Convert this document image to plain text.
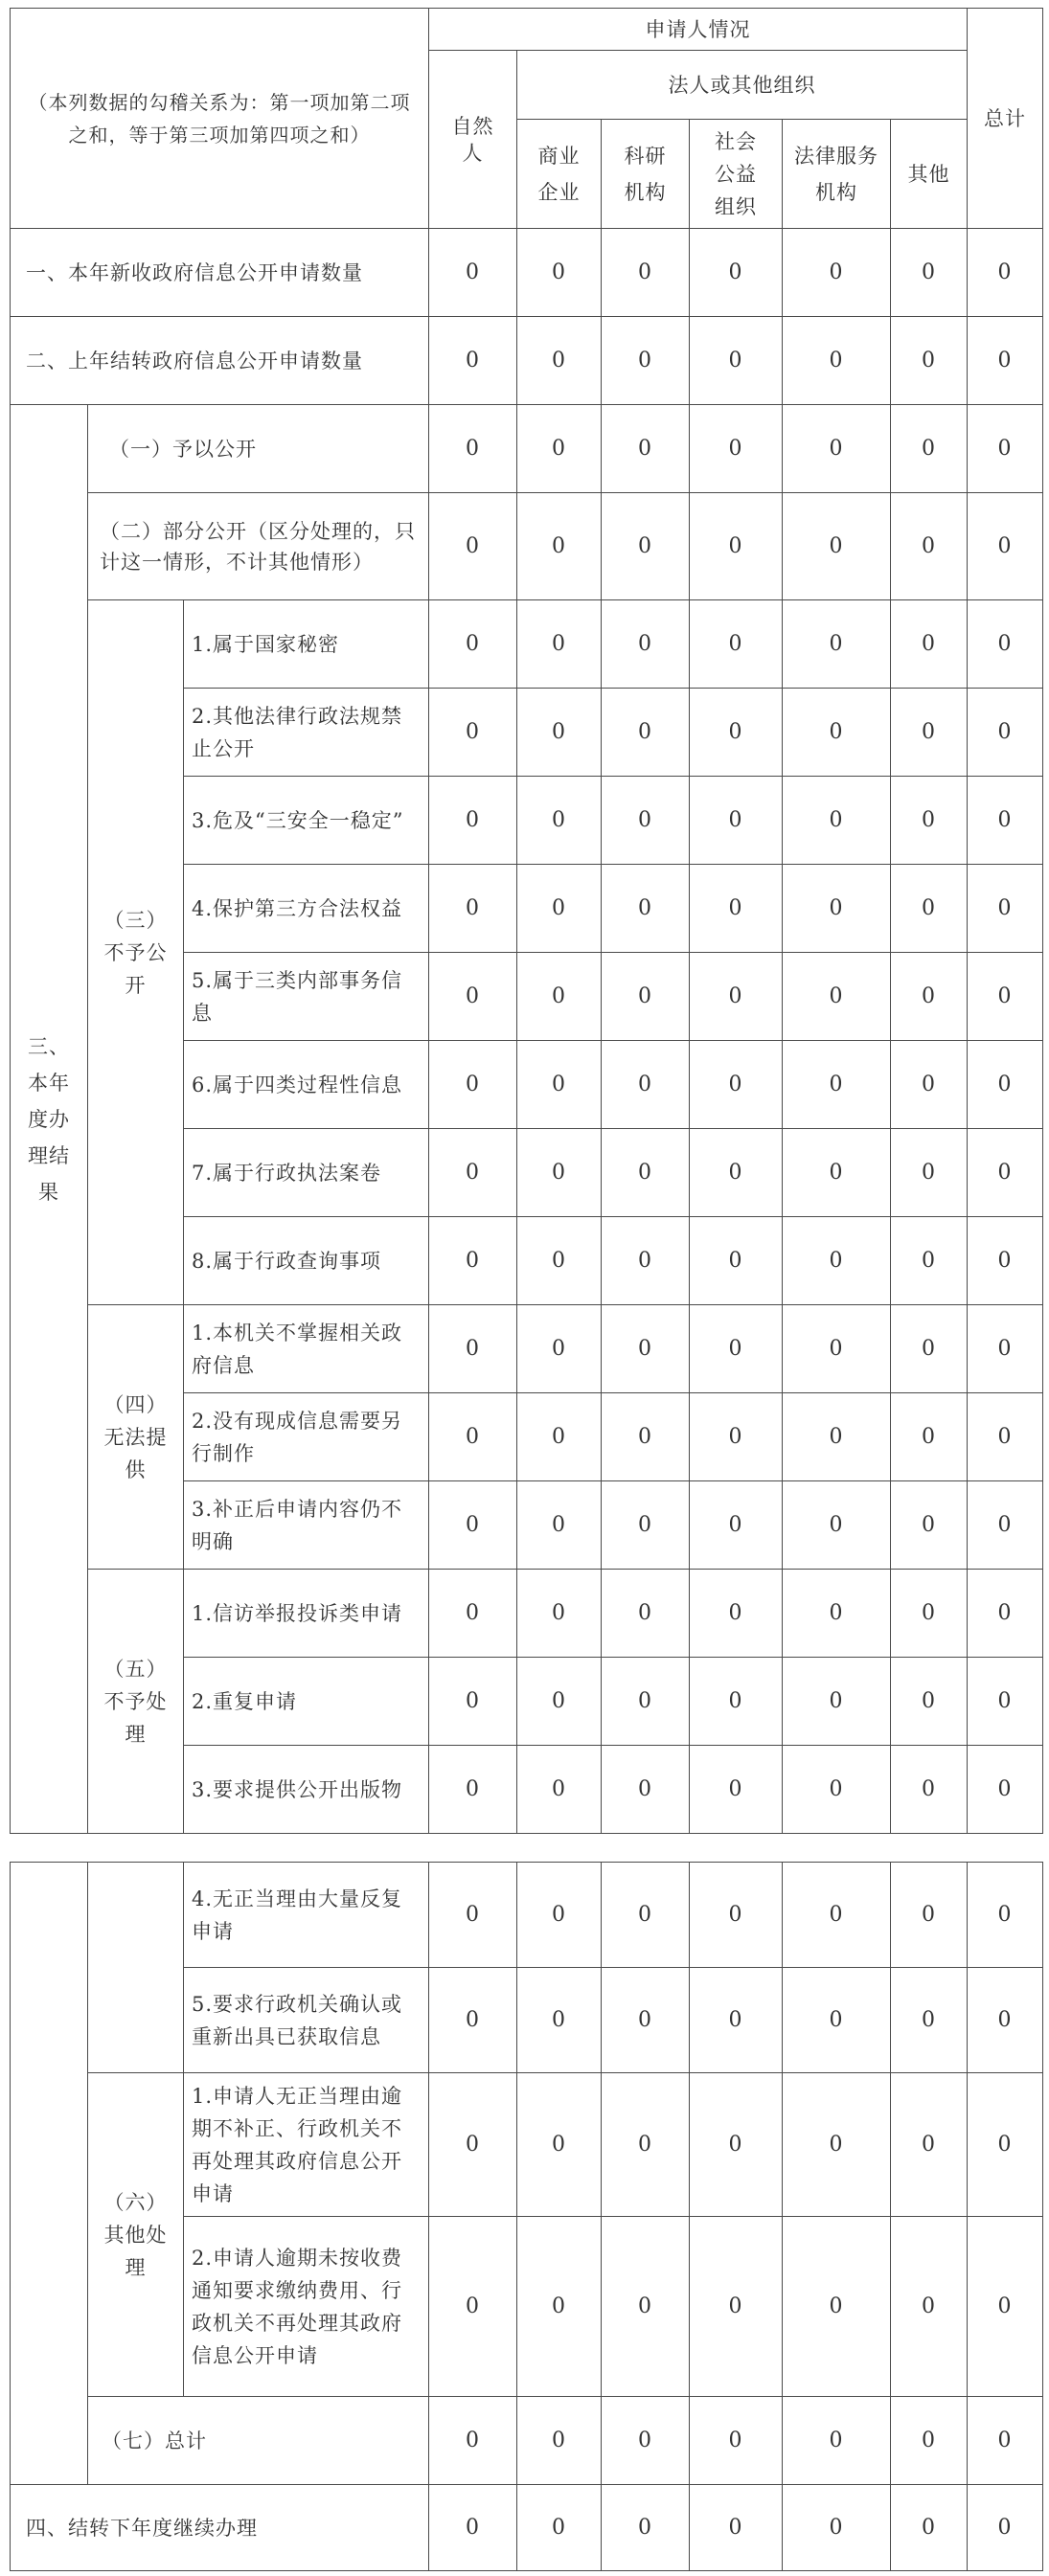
（本列数据的勾稽关系为：第一项加第二项之和，等于第三项加第四项之和）			申请人情况						总计
			自然人	法人或其他组织					
				商业企业	科研机构	社会公益组织	法律服务机构	其他	
一、本年新收政府信息公开申请数量			0	0	0	0	0	0	0
二、上年结转政府信息公开申请数量			0	0	0	0	0	0	0
三、本年度办理结果	（一）予以公开		0	0	0	0	0	0	0
	（二）部分公开（区分处理的，只计这一情形，不计其他情形）		0	0	0	0	0	0	0
	（三）不予公开	1.属于国家秘密	0	0	0	0	0	0	0
		2.其他法律行政法规禁止公开	0	0	0	0	0	0	0
		3.危及“三安全一稳定”	0	0	0	0	0	0	0
		4.保护第三方合法权益	0	0	0	0	0	0	0
		5.属于三类内部事务信息	0	0	0	0	0	0	0
		6.属于四类过程性信息	0	0	0	0	0	0	0
		7.属于行政执法案卷	0	0	0	0	0	0	0
		8.属于行政查询事项	0	0	0	0	0	0	0
	（四）无法提供	1.本机关不掌握相关政府信息	0	0	0	0	0	0	0
		2.没有现成信息需要另行制作	0	0	0	0	0	0	0
		3.补正后申请内容仍不明确	0	0	0	0	0	0	0
	（五）不予处理	1.信访举报投诉类申请	0	0	0	0	0	0	0
		2.重复申请	0	0	0	0	0	0	0
		3.要求提供公开出版物	0	0	0	0	0	0	0
		4.无正当理由大量反复申请	0	0	0	0	0	0	0
		5.要求行政机关确认或重新出具已获取信息	0	0	0	0	0	0	0
	（六）其他处理	1.申请人无正当理由逾期不补正、行政机关不再处理其政府信息公开申请	0	0	0	0	0	0	0
		2.申请人逾期未按收费通知要求缴纳费用、行政机关不再处理其政府信息公开申请	0	0	0	0	0	0	0
	（七）总计		0	0	0	0	0	0	0

四、结转下年度继续办理			0	0	0	0	0	0	0
